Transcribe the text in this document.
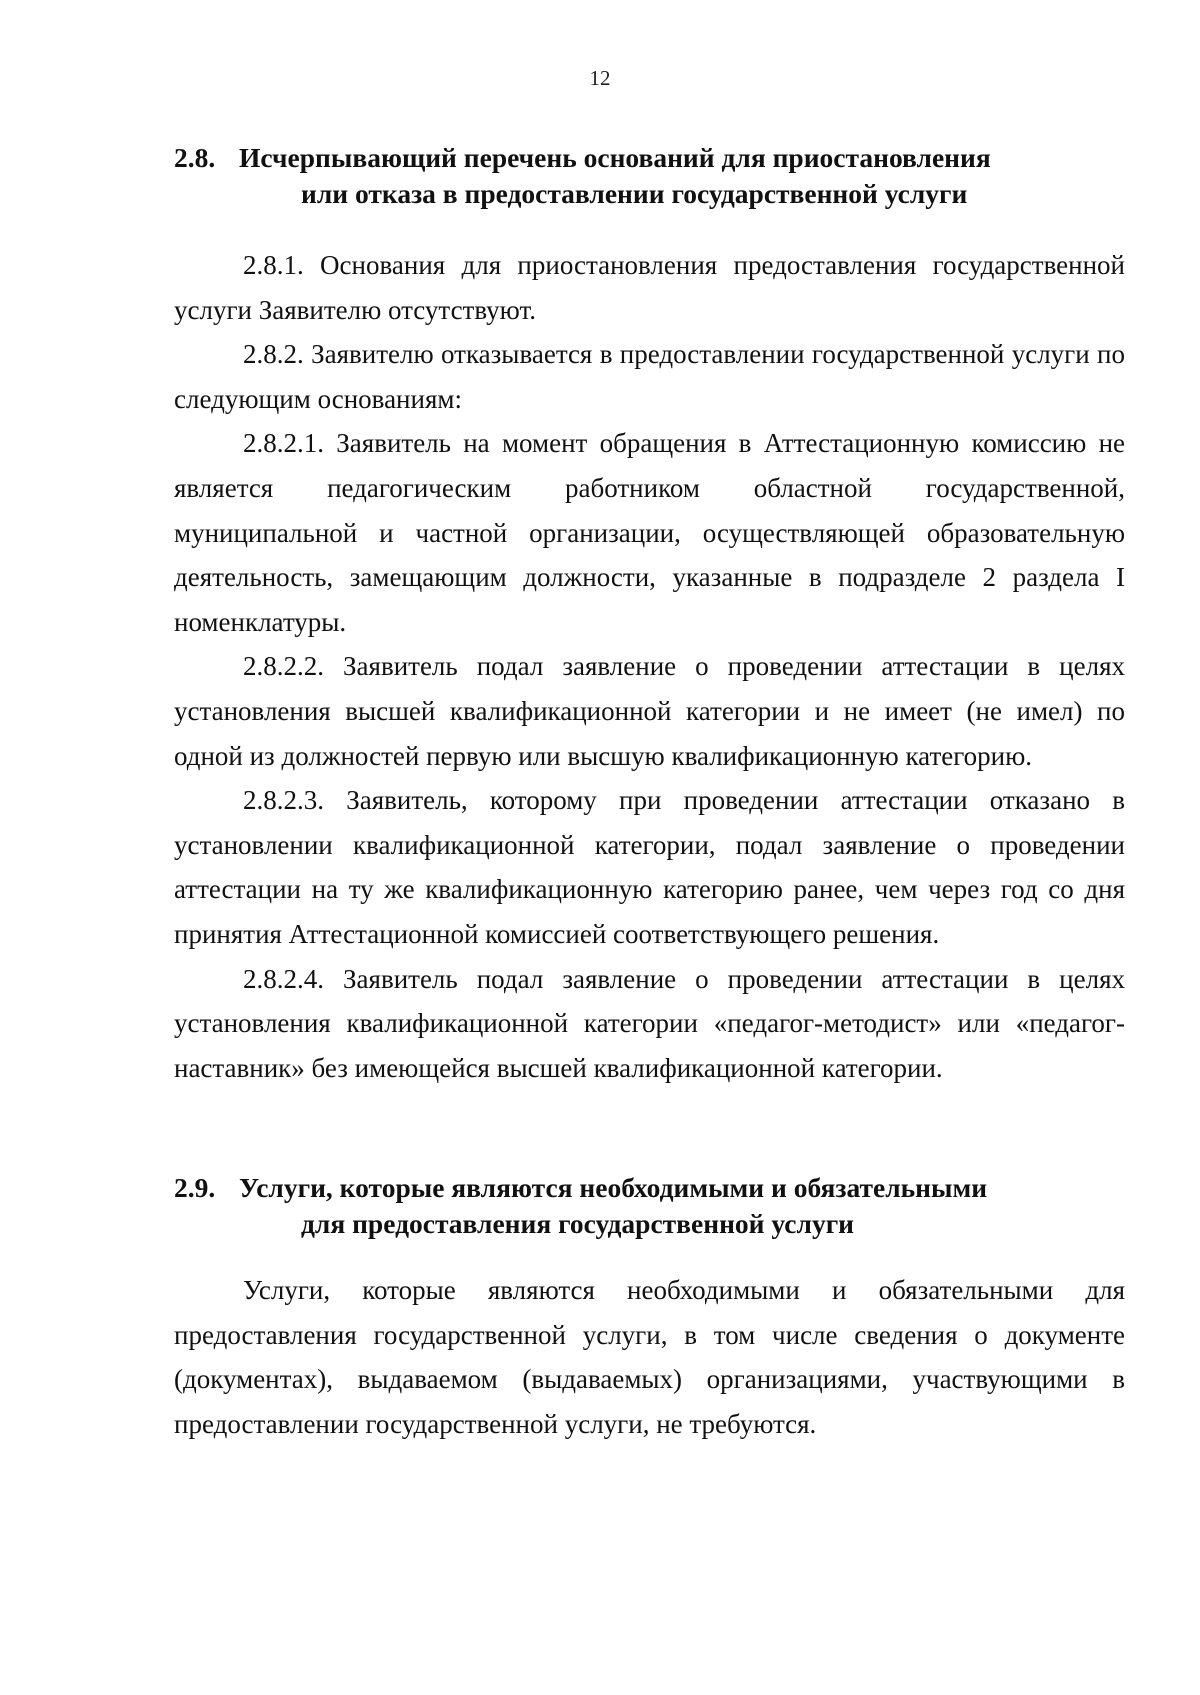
12

2.8. Исчерпывающий перечень оснований для приостановления
или отказа в предоставлении государственной услуги

2.8.1. Основания для приостановления предоставления государственной услуги Заявителю отсутствуют.

2.8.2. Заявителю отказывается в предоставлении государственной услуги по следующим основаниям:

2.8.2.1. Заявитель на момент обращения в Аттестационную комиссию не является педагогическим работником областной государственной, муниципальной и частной организации, осуществляющей образовательную деятельность, замещающим должности, указанные в подразделе 2 раздела I номенклатуры.

2.8.2.2. Заявитель подал заявление о проведении аттестации в целях установления высшей квалификационной категории и не имеет (не имел) по одной из должностей первую или высшую квалификационную категорию.

2.8.2.3. Заявитель, которому при проведении аттестации отказано в установлении квалификационной категории, подал заявление о проведении аттестации на ту же квалификационную категорию ранее, чем через год со дня принятия Аттестационной комиссией соответствующего решения.

2.8.2.4. Заявитель подал заявление о проведении аттестации в целях установления квалификационной категории «педагог-методист» или «педагог-наставник» без имеющейся высшей квалификационной категории.

2.9. Услуги, которые являются необходимыми и обязательными
для предоставления государственной услуги

Услуги, которые являются необходимыми и обязательными для предоставления государственной услуги, в том числе сведения о документе (документах), выдаваемом (выдаваемых) организациями, участвующими в предоставлении государственной услуги, не требуются.
